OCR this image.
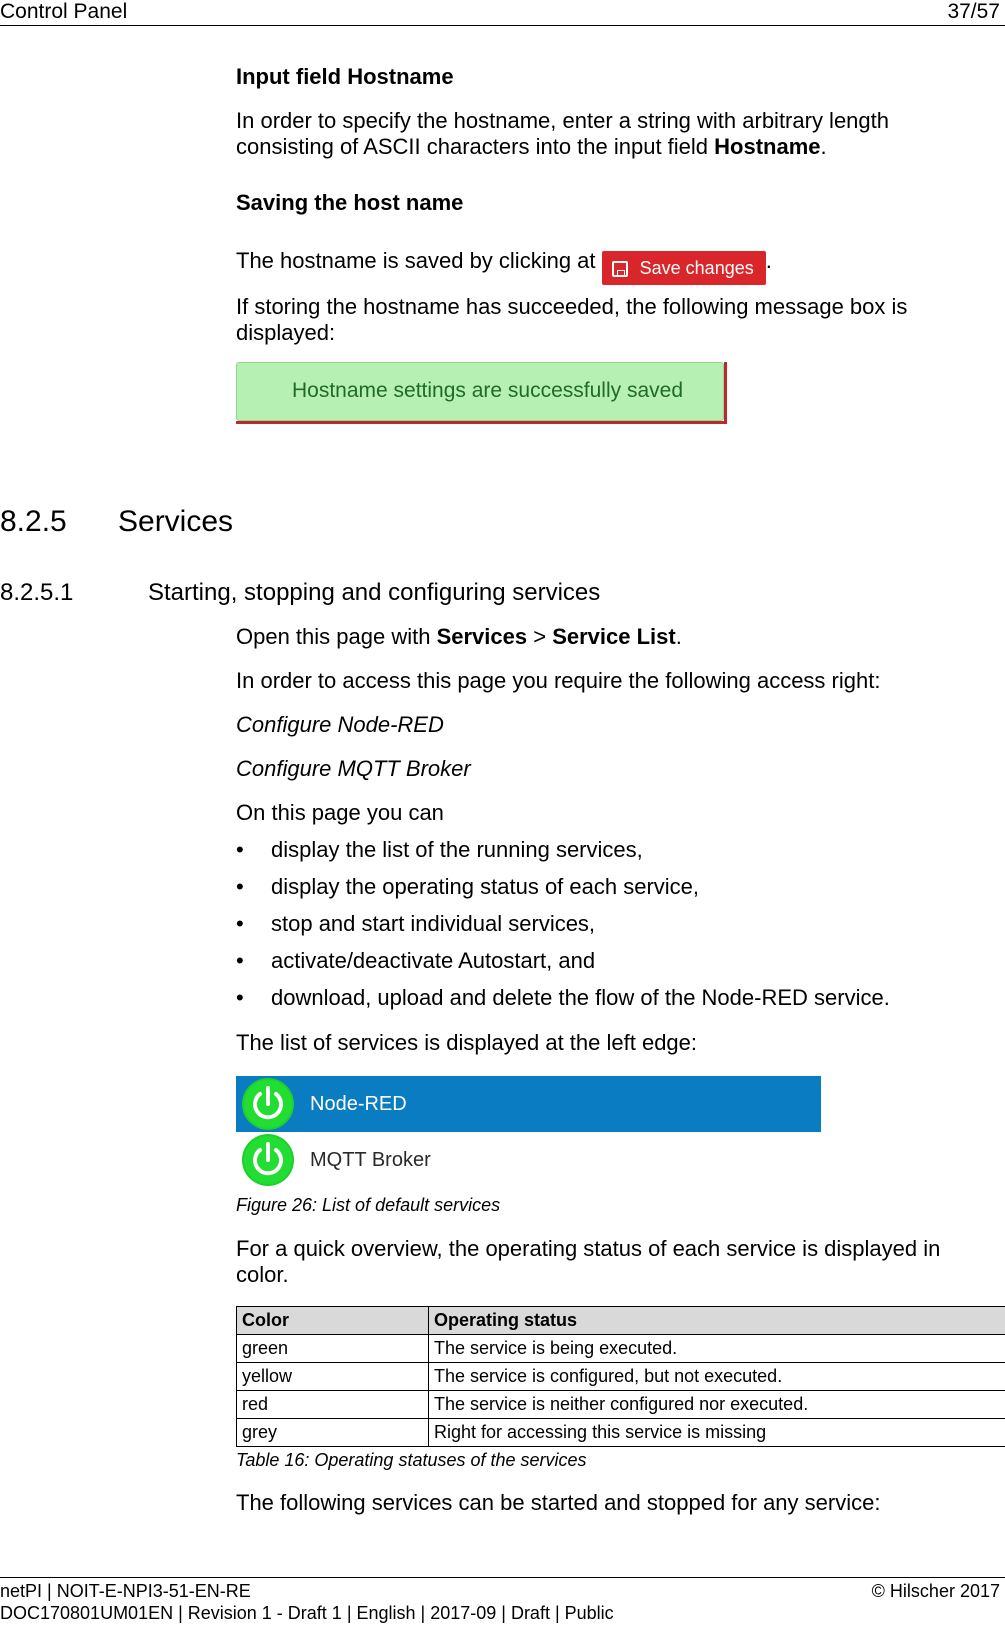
Control Panel	37/57
Input field Hostname
In order to specify the hostname, enter a string with arbitrary length consisting of ASCII characters into the input field Hostname.
Saving the host name
The hostname is saved by clicking at Save changes .
If storing the hostname has succeeded, the following message box is displayed:
Hostname settings are successfully saved
8.2.5 Services
8.2.5.1	Starting, stopping and configuring services
Open this page with Services > Service List.
In order to access this page you require the following access right:
Configure Node-RED
Configure MQTT Broker
On this page you can
• display the list of the running services,
• display the operating status of each service,
• stop and start individual services,
• activate/deactivate Autostart, and
• download, upload and delete the flow of the Node-RED service.
The list of services is displayed at the left edge:
Node-RED
MQTT Broker
Figure 26: List of default services
For a quick overview, the operating status of each service is displayed in color.
Color	Operating status
green	The service is being executed.
yellow	The service is configured, but not executed.
red	The service is neither configured nor executed.
grey	Right for accessing this service is missing
Table 16: Operating statuses of the services
The following services can be started and stopped for any service:
netPI | NOIT-E-NPI3-51-EN-RE	© Hilscher 2017
DOC170801UM01EN | Revision 1 - Draft 1 | English | 2017-09 | Draft | Public
